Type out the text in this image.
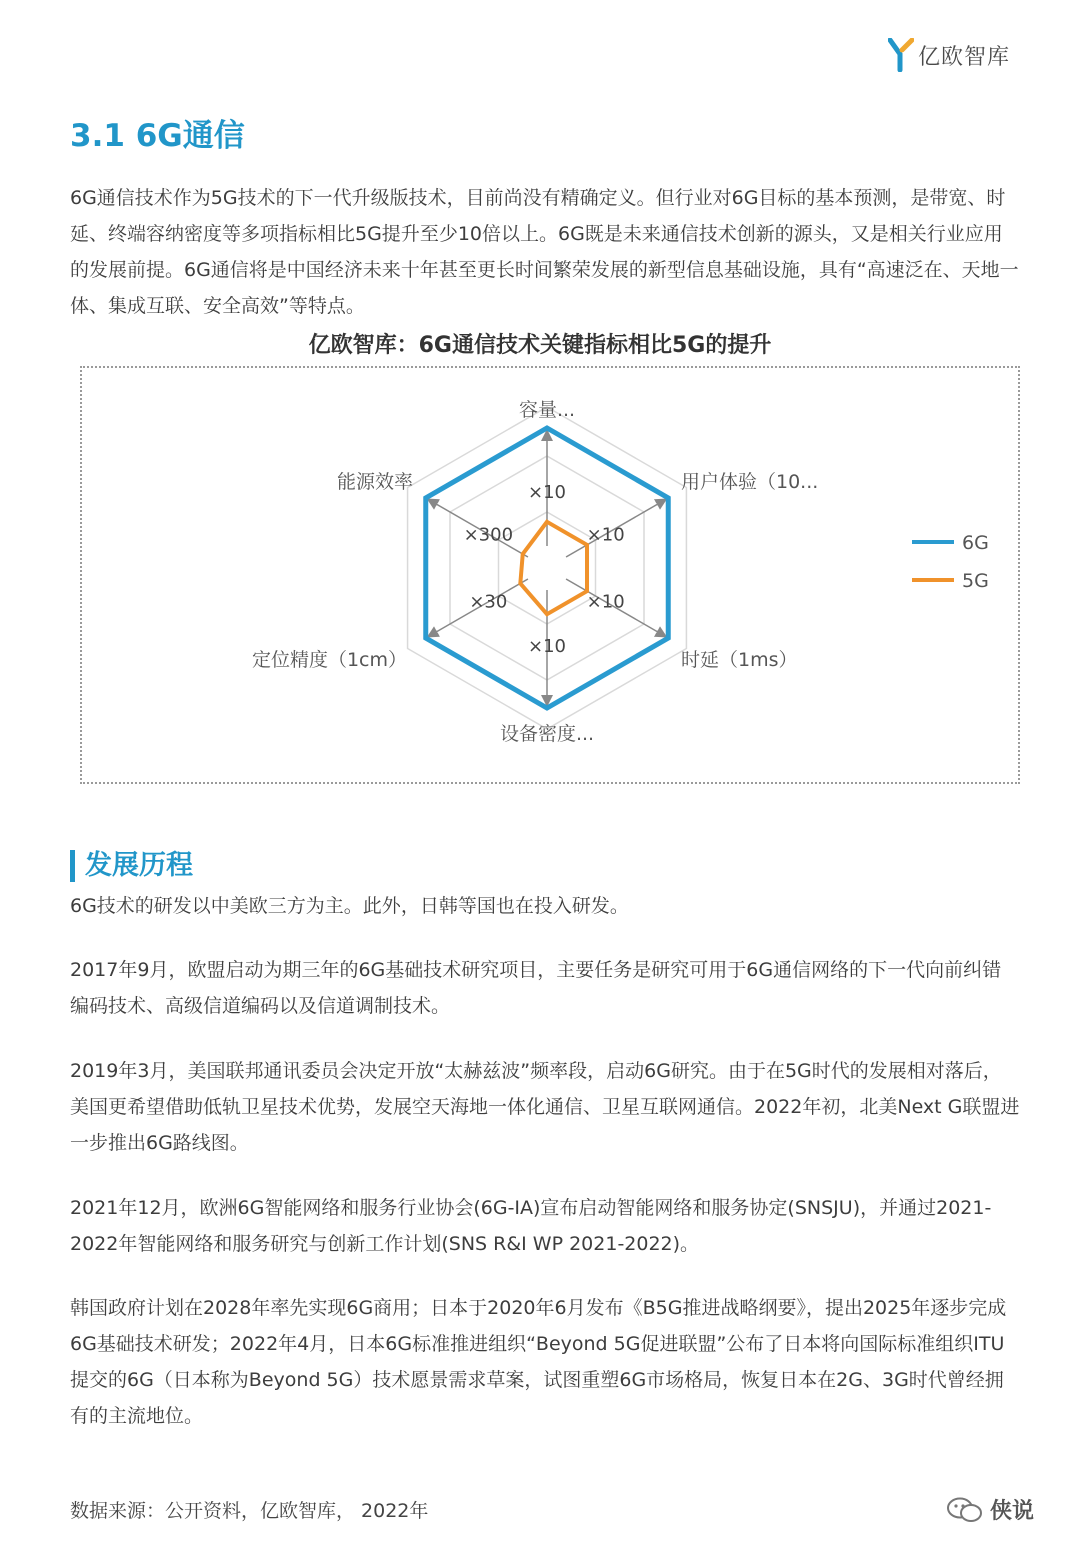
亿欧智库
3.1 6G通信

6G通信技术作为5G技术的下一代升级版技术，目前尚没有精确定义。但行业对6G目标的基本预测，是带宽、时延、终端容纳密度等多项指标相比5G提升至少10倍以上。6G既是未来通信技术创新的源头，又是相关行业应用的发展前提。6G通信将是中国经济未来十年甚至更长时间繁荣发展的新型信息基础设施，具有“高速泛在、天地一体、集成互联、安全高效”等特点。

亿欧智库：6G通信技术关键指标相比5G的提升
×10
×10
×10
×10
×30
×300
容量...
用户体验（10...
时延（1ms）
设备密度...
定位精度（1cm）
能源效率
6G
5G
发展历程

6G技术的研发以中美欧三方为主。此外，日韩等国也在投入研发。

2017年9月，欧盟启动为期三年的6G基础技术研究项目，主要任务是研究可用于6G通信网络的下一代向前纠错编码技术、高级信道编码以及信道调制技术。

2019年3月，美国联邦通讯委员会决定开放“太赫兹波”频率段，启动6G研究。由于在5G时代的发展相对落后，美国更希望借助低轨卫星技术优势，发展空天海地一体化通信、卫星互联网通信。2022年初，北美Next G联盟进一步推出6G路线图。

2021年12月，欧洲6G智能网络和服务行业协会(6G-IA)宣布启动智能网络和服务协定(SNSJU)，并通过2021-2022年智能网络和服务研究与创新工作计划(SNS R&I WP 2021-2022)。

韩国政府计划在2028年率先实现6G商用；日本于2020年6月发布《B5G推进战略纲要》，提出2025年逐步完成6G基础技术研发；2022年4月，日本6G标准推进组织“Beyond 5G促进联盟”公布了日本将向国际标准组织ITU提交的6G（日本称为Beyond 5G）技术愿景需求草案，试图重塑6G市场格局，恢复日本在2G、3G时代曾经拥有的主流地位。

数据来源：公开资料，亿欧智库， 2022年	侠说
